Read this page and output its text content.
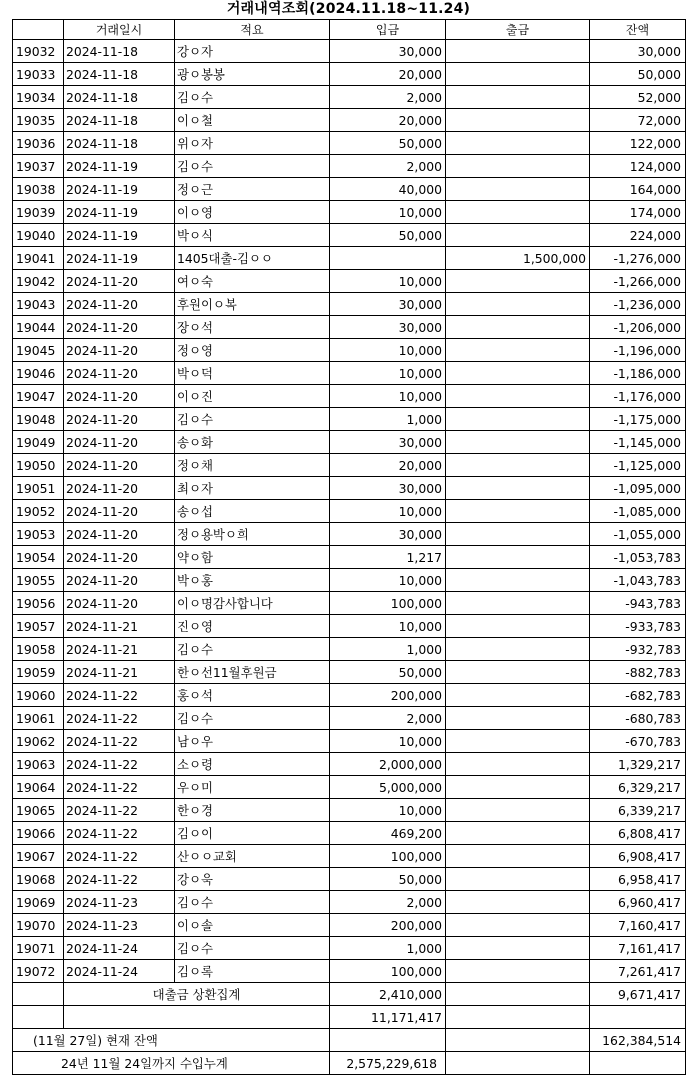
거래내역조회(2024.11.18~11.24)
	거래일시	적요	입금	출금	잔액
19032	2024-11-18	강ㅇ자	30,000		30,000
19033	2024-11-18	광ㅇ봉봉	20,000		50,000
19034	2024-11-18	김ㅇ수	2,000		52,000
19035	2024-11-18	이ㅇ철	20,000		72,000
19036	2024-11-18	위ㅇ자	50,000		122,000
19037	2024-11-19	김ㅇ수	2,000		124,000
19038	2024-11-19	정ㅇ근	40,000		164,000
19039	2024-11-19	이ㅇ영	10,000		174,000
19040	2024-11-19	박ㅇ식	50,000		224,000
19041	2024-11-19	1405대출-김ㅇㅇ		1,500,000	-1,276,000
19042	2024-11-20	여ㅇ숙	10,000		-1,266,000
19043	2024-11-20	후원이ㅇ복	30,000		-1,236,000
19044	2024-11-20	장ㅇ석	30,000		-1,206,000
19045	2024-11-20	정ㅇ영	10,000		-1,196,000
19046	2024-11-20	박ㅇ덕	10,000		-1,186,000
19047	2024-11-20	이ㅇ진	10,000		-1,176,000
19048	2024-11-20	김ㅇ수	1,000		-1,175,000
19049	2024-11-20	송ㅇ화	30,000		-1,145,000
19050	2024-11-20	정ㅇ채	20,000		-1,125,000
19051	2024-11-20	최ㅇ자	30,000		-1,095,000
19052	2024-11-20	송ㅇ섭	10,000		-1,085,000
19053	2024-11-20	정ㅇ용박ㅇ희	30,000		-1,055,000
19054	2024-11-20	약ㅇ함	1,217		-1,053,783
19055	2024-11-20	박ㅇ홍	10,000		-1,043,783
19056	2024-11-20	이ㅇ명감사합니다	100,000		-943,783
19057	2024-11-21	진ㅇ영	10,000		-933,783
19058	2024-11-21	김ㅇ수	1,000		-932,783
19059	2024-11-21	한ㅇ선11월후원금	50,000		-882,783
19060	2024-11-22	홍ㅇ석	200,000		-682,783
19061	2024-11-22	김ㅇ수	2,000		-680,783
19062	2024-11-22	남ㅇ우	10,000		-670,783
19063	2024-11-22	소ㅇ령	2,000,000		1,329,217
19064	2024-11-22	우ㅇ미	5,000,000		6,329,217
19065	2024-11-22	한ㅇ경	10,000		6,339,217
19066	2024-11-22	김ㅇ이	469,200		6,808,417
19067	2024-11-22	산ㅇㅇ교회	100,000		6,908,417
19068	2024-11-22	강ㅇ욱	50,000		6,958,417
19069	2024-11-23	김ㅇ수	2,000		6,960,417
19070	2024-11-23	이ㅇ솔	200,000		7,160,417
19071	2024-11-24	김ㅇ수	1,000		7,161,417
19072	2024-11-24	김ㅇ록	100,000		7,261,417
	대출금 상환집계		2,410,000		9,671,417
			11,171,417		
(11월 27일) 현재 잔액					162,384,514
24년 11월 24일까지 수입누계			2,575,229,618		
